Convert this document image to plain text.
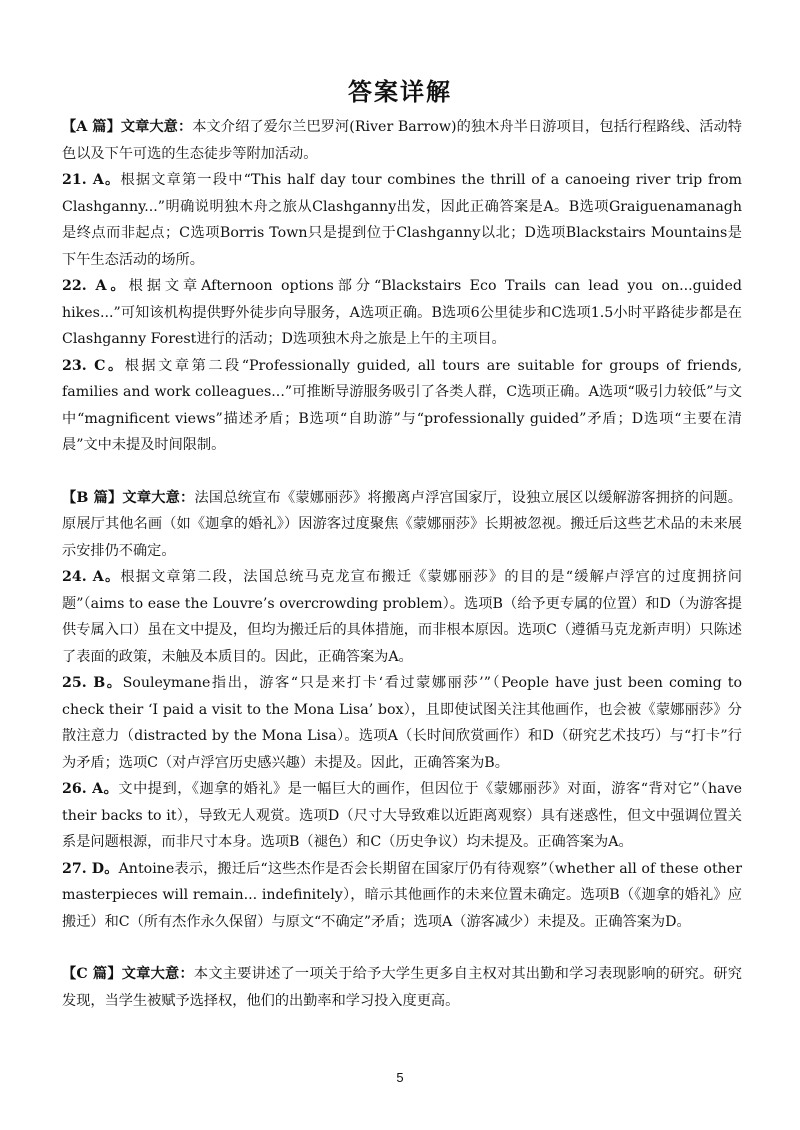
答案详解

【A 篇】文章大意：本文介绍了爱尔兰巴罗河(River Barrow)的独木舟半日游项目，包括行程路线、活动特色以及下午可选的生态徒步等附加活动。

21. A。根据文章第一段中“This half day tour combines the thrill of a canoeing river trip from Clashganny...”明确说明独木舟之旅从Clashganny出发，因此正确答案是A。B选项Graiguenamanagh是终点而非起点；C选项Borris Town只是提到位于Clashganny以北；D选项Blackstairs Mountains是下午生态活动的场所。

22. A。根据文章Afternoon options部分“Blackstairs Eco Trails can lead you on...guided hikes...”可知该机构提供野外徒步向导服务，A选项正确。B选项6公里徒步和C选项1.5小时平路徒步都是在Clashganny Forest进行的活动；D选项独木舟之旅是上午的主项目。

23. C。根据文章第二段“Professionally guided, all tours are suitable for groups of friends, families and work colleagues...”可推断导游服务吸引了各类人群，C选项正确。A选项“吸引力较低”与文中“magnificent views”描述矛盾；B选项“自助游”与“professionally guided”矛盾；D选项“主要在清晨”文中未提及时间限制。

【B 篇】文章大意：法国总统宣布《蒙娜丽莎》将搬离卢浮宫国家厅，设独立展区以缓解游客拥挤的问题。原展厅其他名画（如《迦拿的婚礼》）因游客过度聚焦《蒙娜丽莎》长期被忽视。搬迁后这些艺术品的未来展示安排仍不确定。

24. A。根据文章第二段，法国总统马克龙宣布搬迁《蒙娜丽莎》的目的是“缓解卢浮宫的过度拥挤问题”（aims to ease the Louvre’s overcrowding problem）。选项B（给予更专属的位置）和D（为游客提供专属入口）虽在文中提及，但均为搬迁后的具体措施，而非根本原因。选项C（遵循马克龙新声明）只陈述了表面的政策，未触及本质目的。因此，正确答案为A。

25. B。Souleymane指出，游客“只是来打卡‘看过蒙娜丽莎’”（People have just been coming to check their ‘I paid a visit to the Mona Lisa’ box），且即使试图关注其他画作，也会被《蒙娜丽莎》分散注意力（distracted by the Mona Lisa）。选项A（长时间欣赏画作）和D（研究艺术技巧）与“打卡”行为矛盾；选项C（对卢浮宫历史感兴趣）未提及。因此，正确答案为B。

26. A。文中提到，《迦拿的婚礼》是一幅巨大的画作，但因位于《蒙娜丽莎》对面，游客“背对它”（have their backs to it），导致无人观赏。选项D（尺寸大导致难以近距离观察）具有迷惑性，但文中强调位置关系是问题根源，而非尺寸本身。选项B（褪色）和C（历史争议）均未提及。正确答案为A。

27. D。Antoine表示，搬迁后“这些杰作是否会长期留在国家厅仍有待观察”（whether all of these other masterpieces will remain... indefinitely），暗示其他画作的未来位置未确定。选项B（《迦拿的婚礼》应搬迁）和C（所有杰作永久保留）与原文“不确定”矛盾；选项A（游客减少）未提及。正确答案为D。

【C 篇】文章大意：本文主要讲述了一项关于给予大学生更多自主权对其出勤和学习表现影响的研究。研究发现，当学生被赋予选择权，他们的出勤率和学习投入度更高。

5
